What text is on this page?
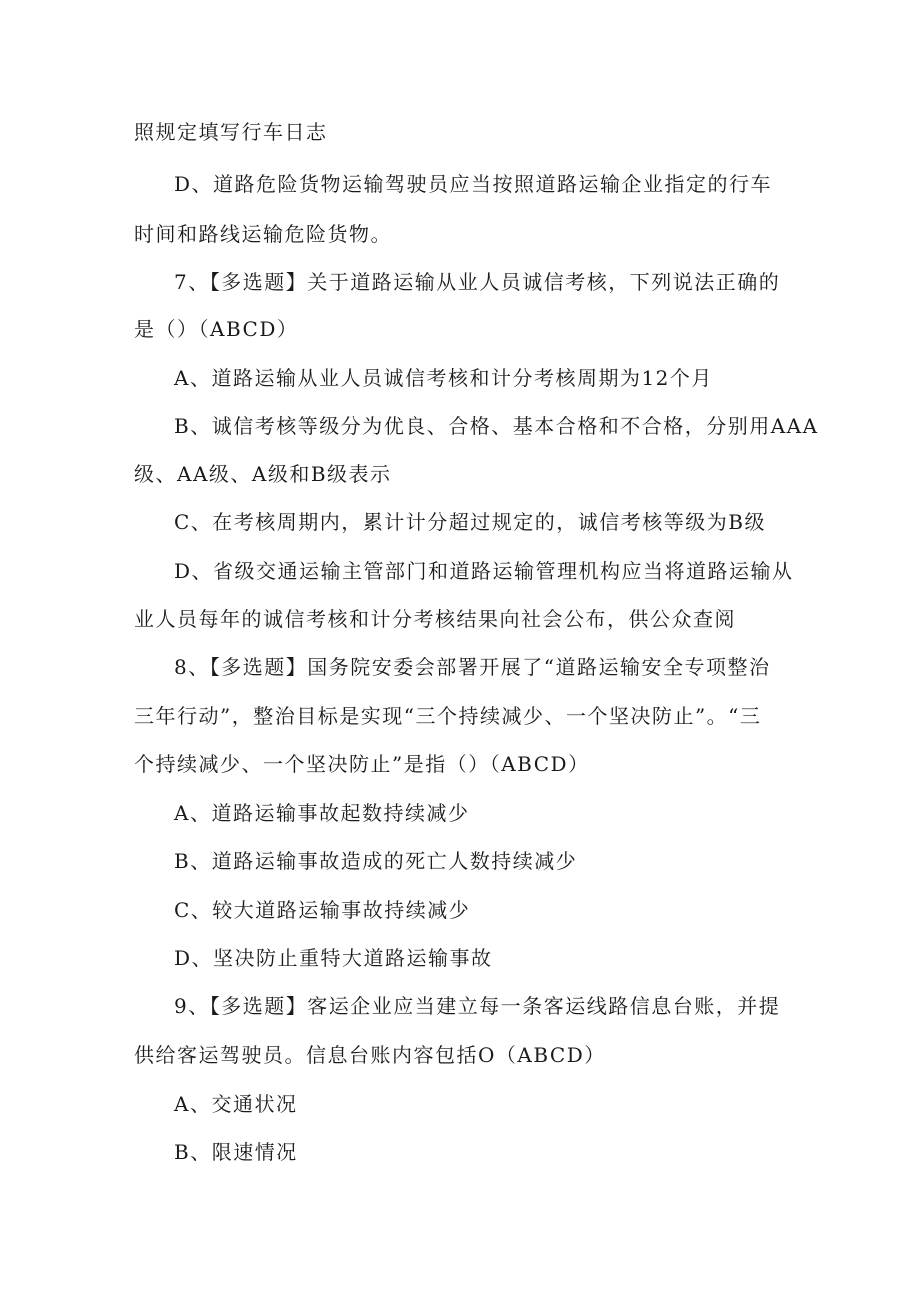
照规定填写行车日志
D、道路危险货物运输驾驶员应当按照道路运输企业指定的行车
时间和路线运输危险货物。
7、【多选题】关于道路运输从业人员诚信考核，下列说法正确的
是（）（ABCD）
A、道路运输从业人员诚信考核和计分考核周期为12个月
B、诚信考核等级分为优良、合格、基本合格和不合格，分别用AAA
级、AA级、A级和B级表示
C、在考核周期内，累计计分超过规定的，诚信考核等级为B级
D、省级交通运输主管部门和道路运输管理机构应当将道路运输从
业人员每年的诚信考核和计分考核结果向社会公布，供公众查阅
8、【多选题】国务院安委会部署开展了“道路运输安全专项整治
三年行动”，整治目标是实现“三个持续减少、一个坚决防止”。“三
个持续减少、一个坚决防止”是指（）（ABCD）
A、道路运输事故起数持续减少
B、道路运输事故造成的死亡人数持续减少
C、较大道路运输事故持续减少
D、坚决防止重特大道路运输事故
9、【多选题】客运企业应当建立每一条客运线路信息台账，并提
供给客运驾驶员。信息台账内容包括O（ABCD）
A、交通状况
B、限速情况
